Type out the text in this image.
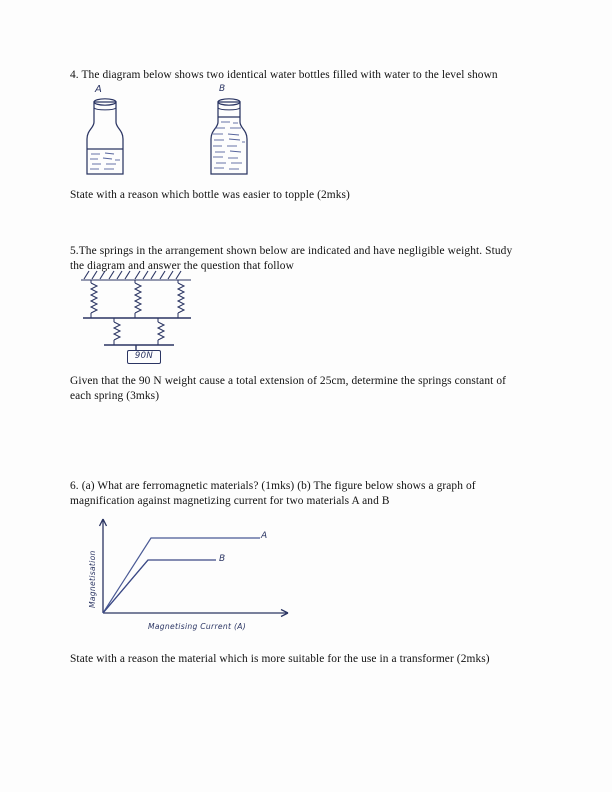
4. The diagram below shows two identical water bottles filled with water to the level shown
A	B
State with a reason which bottle was easier to topple (2mks)
5.The springs in the arrangement shown below are indicated and have negligible weight. Study
the diagram and answer the question that follow
90N
Given that the 90 N weight cause a total extension of 25cm, determine the springs constant of
each spring (3mks)
6. (a) What are ferromagnetic materials? (1mks) (b) The figure below shows a graph of
magnification against magnetizing current for two materials A and B
A
B
Magnetisation
Magnetising Current (A)
State with a reason the material which is more suitable for the use in a transformer (2mks)
